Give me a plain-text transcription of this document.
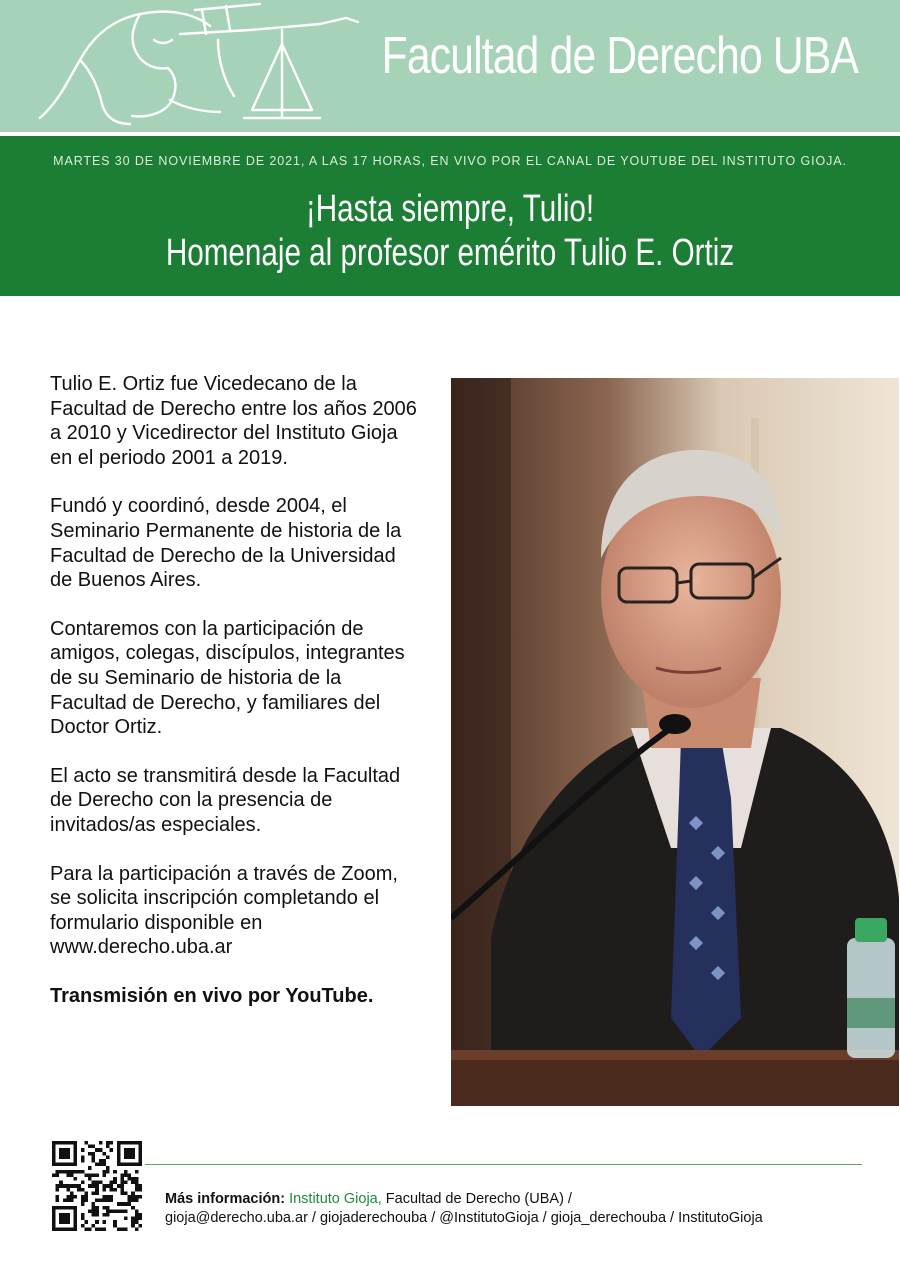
Facultad de Derecho UBA
MARTES 30 DE NOVIEMBRE DE 2021, A LAS 17 HORAS, EN VIVO POR EL CANAL DE YOUTUBE DEL INSTITUTO GIOJA.
¡Hasta siempre, Tulio!
Homenaje al profesor emérito Tulio E. Ortiz

Tulio E. Ortiz fue Vicedecano de la Facultad de Derecho entre los años 2006 a 2010 y Vicedirector del Instituto Gioja en el periodo 2001 a 2019.

Fundó y coordinó, desde 2004, el Seminario Permanente de historia de la Facultad de Derecho de la Universidad de Buenos Aires.

Contaremos con la participación de amigos, colegas, discípulos, integrantes de su Seminario de historia de la Facultad de Derecho, y familiares del Doctor Ortiz.

El acto se transmitirá desde la Facultad de Derecho con la presencia de invitados/as especiales.

Para la participación a través de Zoom, se solicita inscripción completando el formulario disponible en www.derecho.uba.ar

Transmisión en vivo por YouTube.

Más información: Instituto Gioja, Facultad de Derecho (UBA) /
gioja@derecho.uba.ar / giojaderechouba / @InstitutoGioja / gioja_derechouba / InstitutoGioja
